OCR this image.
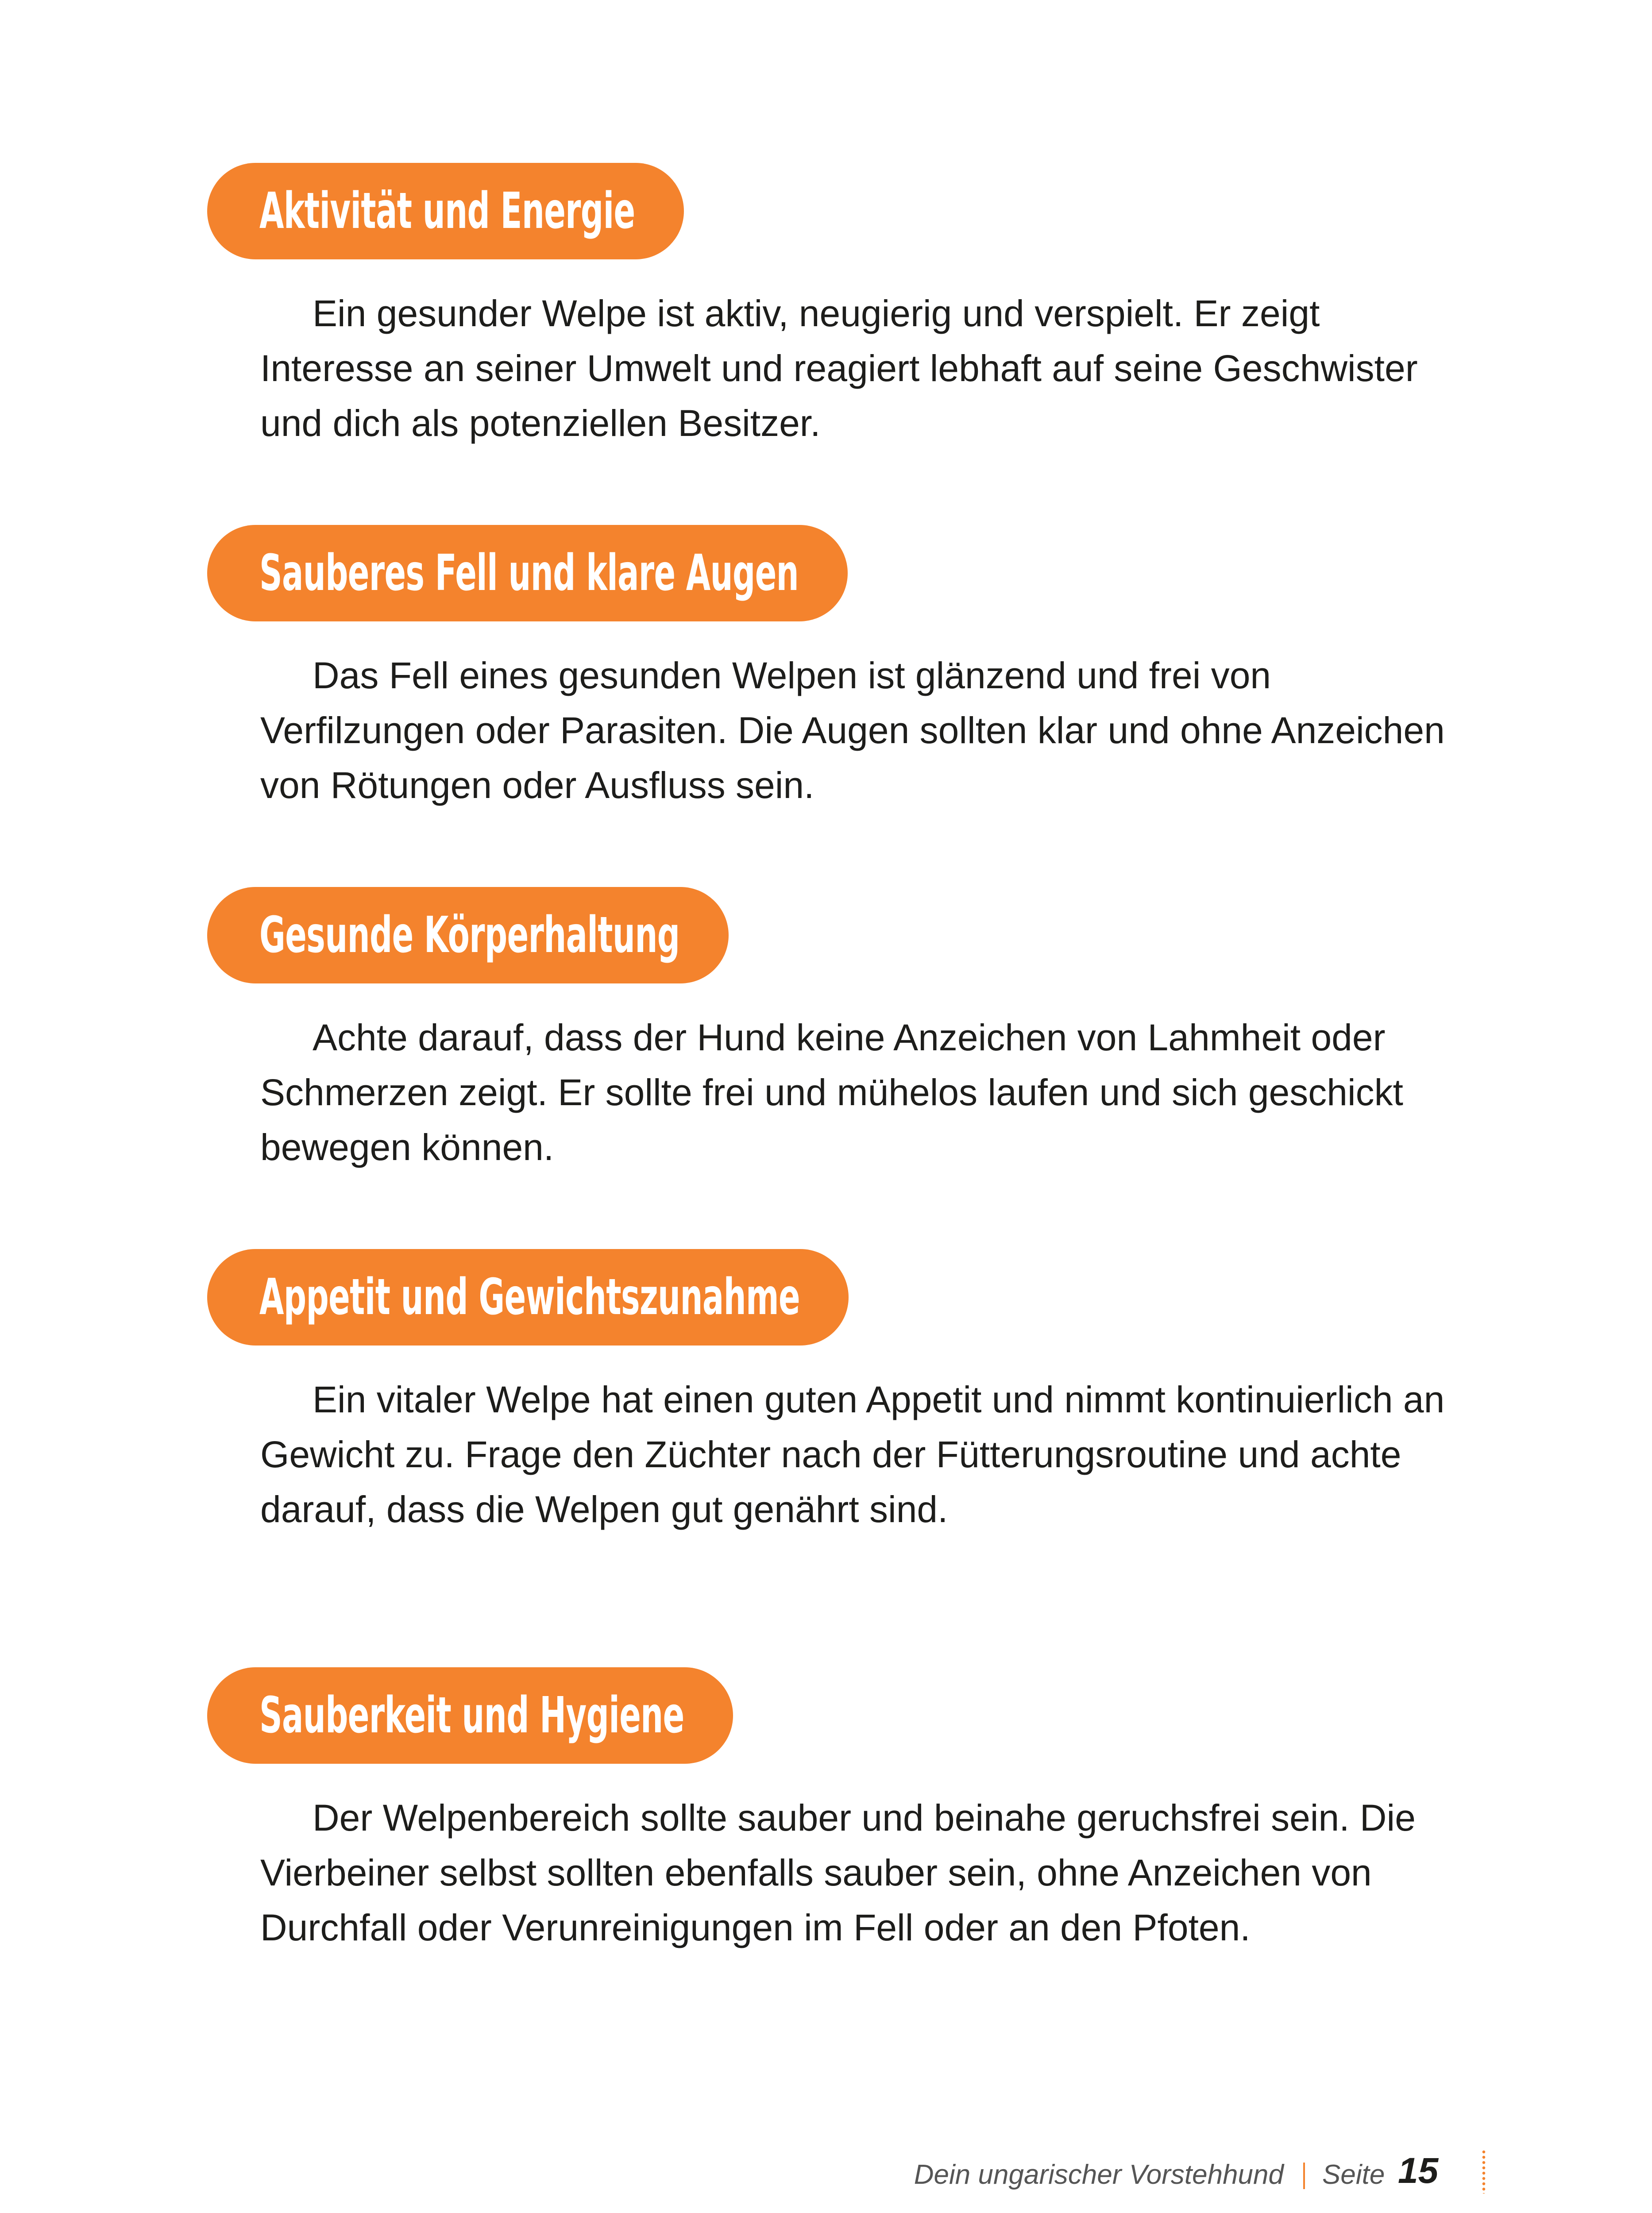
Aktivität und Energie

Ein gesunder Welpe ist aktiv, neugierig und verspielt. Er zeigt Interesse an seiner Umwelt und reagiert lebhaft auf seine Geschwister und dich als potenziellen Besitzer.

Sauberes Fell und klare Augen

Das Fell eines gesunden Welpen ist glänzend und frei von Verfilzungen oder Parasiten. Die Augen sollten klar und ohne Anzeichen von Rötungen oder Ausfluss sein.

Gesunde Körperhaltung

Achte darauf, dass der Hund keine Anzeichen von Lahmheit oder Schmerzen zeigt. Er sollte frei und mühelos laufen und sich geschickt bewegen können.

Appetit und Gewichtszunahme

Ein vitaler Welpe hat einen guten Appetit und nimmt kontinuierlich an Gewicht zu. Frage den Züchter nach der Fütterungsroutine und achte darauf, dass die Welpen gut genährt sind.

Sauberkeit und Hygiene

Der Welpenbereich sollte sauber und beinahe geruchsfrei sein. Die Vierbeiner selbst sollten ebenfalls sauber sein, ohne Anzeichen von Durchfall oder Verunreinigungen im Fell oder an den Pfoten.

Dein ungarischer Vorstehhund Seite 15
